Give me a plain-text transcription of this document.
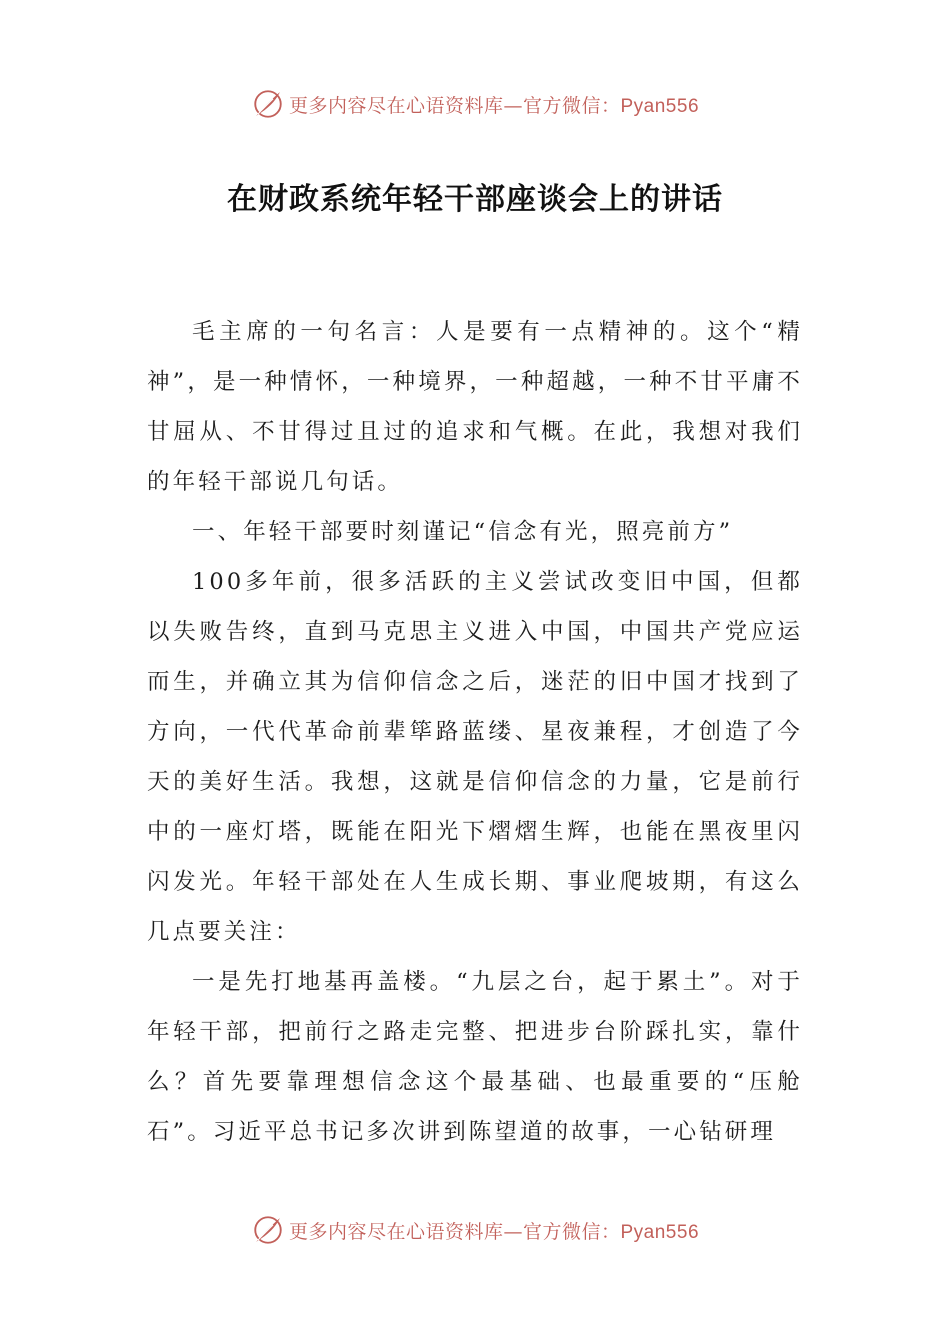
更多内容尽在心语资料库—官方微信：Pyan556
在财政系统年轻干部座谈会上的讲话

毛主席的一句名言：人是要有一点精神的。这个“精神”，是一种情怀，一种境界，一种超越，一种不甘平庸不甘屈从、不甘得过且过的追求和气概。在此，我想对我们的年轻干部说几句话。

一、年轻干部要时刻谨记“信念有光，照亮前方”

100多年前，很多活跃的主义尝试改变旧中国，但都以失败告终，直到马克思主义进入中国，中国共产党应运而生，并确立其为信仰信念之后，迷茫的旧中国才找到了方向，一代代革命前辈筚路蓝缕、星夜兼程，才创造了今天的美好生活。我想，这就是信仰信念的力量，它是前行中的一座灯塔，既能在阳光下熠熠生辉，也能在黑夜里闪闪发光。年轻干部处在人生成长期、事业爬坡期，有这么几点要关注：

一是先打地基再盖楼。“九层之台，起于累土”。对于年轻干部，把前行之路走完整、把进步台阶踩扎实，靠什么？首先要靠理想信念这个最基础、也最重要的“压舱石”。习近平总书记多次讲到陈望道的故事，一心钻研理

更多内容尽在心语资料库—官方微信：Pyan556
